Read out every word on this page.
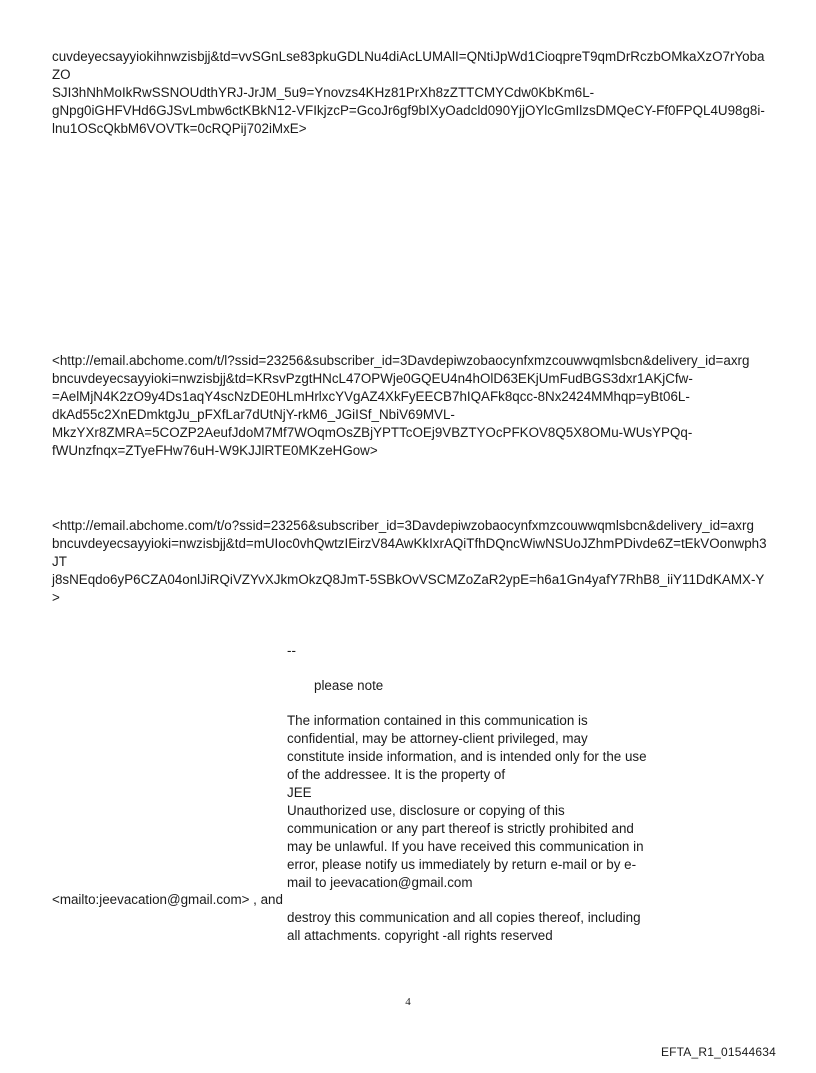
cuvdeyecsayyiokihnwzisbjj&td=vvSGnLse83pkuGDLNu4diAcLUMAlI=QNtiJpWd1CioqpreT9qmDrRczbOMkaXzO7rYobaZO
SJI3hNhMoIkRwSSNOUdthYRJ-JrJM_5u9=Ynovzs4KHz81PrXh8zZTTCMYCdw0KbKm6L-
gNpg0iGHFVHd6GJSvLmbw6ctKBkN12-VFIkjzcP=GcoJr6gf9bIXyOadcld090YjjOYlcGmIlzsDMQeCY-Ff0FPQL4U98g8i-
lnu1OScQkbM6VOVTk=0cRQPij702iMxE>

<http://email.abchome.com/t/l?ssid=23256&subscriber_id=3Davdepiwzobaocynfxmzcouwwqmlsbcn&delivery_id=axrg
bncuvdeyecsayyioki=nwzisbjj&td=KRsvPzgtHNcL47OPWje0GQEU4n4hOlD63EKjUmFudBGS3dxr1AKjCfw-
=AelMjN4K2zO9y4Ds1aqY4scNzDE0HLmHrlxcYVgAZ4XkFyEECB7hIQAFk8qcc-8Nx2424MMhqp=yBt06L-
dkAd55c2XnEDmktgJu_pFXfLar7dUtNjY-rkM6_JGiISf_NbiV69MVL-
MkzYXr8ZMRA=5COZP2AeufJdoM7Mf7WOqmOsZBjYPTTcOEj9VBZTYOcPFKOV8Q5X8OMu-WUsYPQq-
fWUnzfnqx=ZTyeFHw76uH-W9KJJlRTE0MKzeHGow>

<http://email.abchome.com/t/o?ssid=23256&subscriber_id=3Davdepiwzobaocynfxmzcouwwqmlsbcn&delivery_id=axrg
bncuvdeyecsayyioki=nwzisbjj&td=mUIoc0vhQwtzIEirzV84AwKkIxrAQiTfhDQncWiwNSUoJZhmPDivde6Z=tEkVOonwph3JT
j8sNEqdo6yP6CZA04onlJiRQiVZYvXJkmOkzQ8JmT-5SBkOvVSCMZoZaR2ypE=h6a1Gn4yafY7RhB8_iiY11DdKAMX-Y>

--

please note

The information contained in this communication is confidential, may be attorney-client privileged, may constitute inside information, and is intended only for the use of the addressee. It is the property of
JEE
Unauthorized use, disclosure or copying of this communication or any part thereof is strictly prohibited and may be unlawful. If you have received this communication in error, please notify us immediately by return e-mail or by e-mail to jeevacation@gmail.com

<mailto:jeevacation@gmail.com> , and

destroy this communication and all copies thereof, including all attachments. copyright -all rights reserved

4

EFTA_R1_01544634
